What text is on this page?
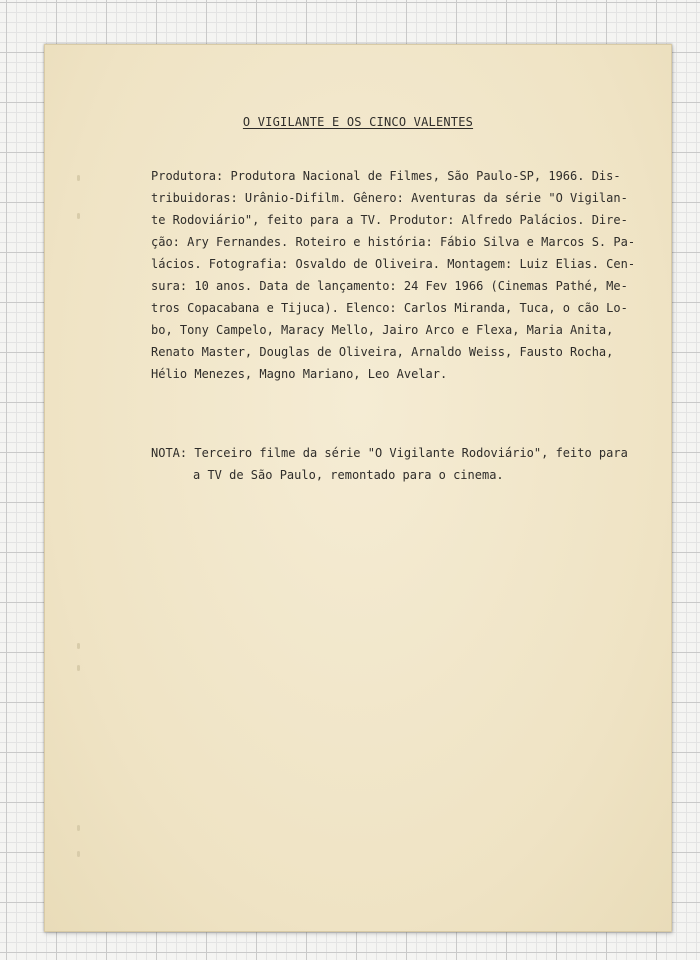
O VIGILANTE E OS CINCO VALENTES
Produtora: Produtora Nacional de Filmes, São Paulo-SP, 1966. Dis-
tribuidoras: Urânio-Difilm. Gênero: Aventuras da série "O Vigilan-
te Rodoviário", feito para a TV. Produtor: Alfredo Palácios. Dire-
ção: Ary Fernandes. Roteiro e história: Fábio Silva e Marcos S. Pa-
lácios. Fotografia: Osvaldo de Oliveira. Montagem: Luiz Elias. Cen-
sura: 10 anos. Data de lançamento: 24 Fev 1966 (Cinemas Pathé, Me-
tros Copacabana e Tijuca). Elenco: Carlos Miranda, Tuca, o cão Lo-
bo, Tony Campelo, Maracy Mello, Jairo Arco e Flexa, Maria Anita,
Renato Master, Douglas de Oliveira, Arnaldo Weiss, Fausto Rocha,
Hélio Menezes, Magno Mariano, Leo Avelar.
NOTA: Terceiro filme da série "O Vigilante Rodoviário", feito para
a TV de São Paulo, remontado para o cinema.
